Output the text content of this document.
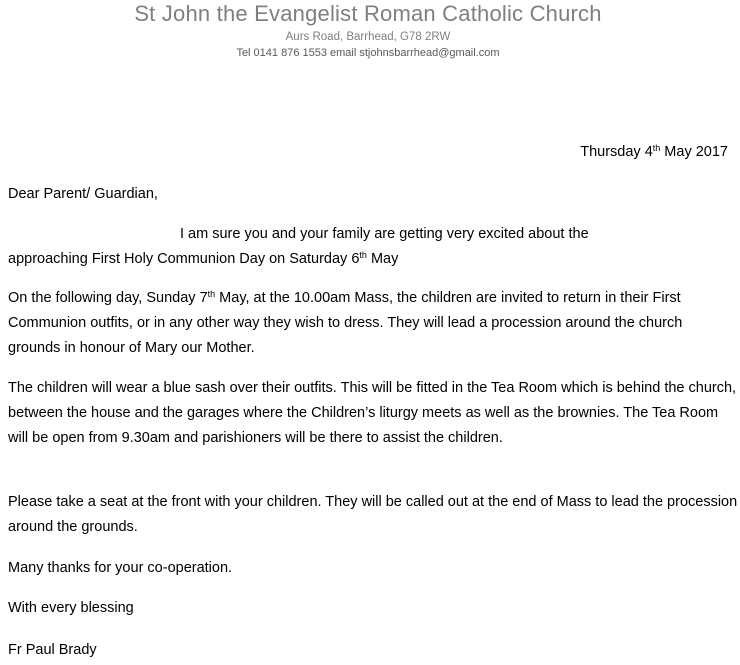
St John the Evangelist Roman Catholic Church
Aurs Road, Barrhead, G78 2RW
Tel 0141 876 1553 email stjohnsbarrhead@gmail.com
Thursday 4th May 2017
Dear Parent/ Guardian,
I am sure you and your family are getting very excited about the
approaching First Holy Communion Day on Saturday 6th May
On the following day, Sunday 7th May, at the 10.00am Mass, the children are invited to return in their First Communion outfits, or in any other way they wish to dress. They will lead a procession around the church grounds in honour of Mary our Mother.
The children will wear a blue sash over their outfits. This will be fitted in the Tea Room which is behind the church, between the house and the garages where the Children’s liturgy meets as well as the brownies. The Tea Room will be open from 9.30am and parishioners will be there to assist the children.
Please take a seat at the front with your children. They will be called out at the end of Mass to lead the procession around the grounds.
Many thanks for your co-operation.
With every blessing
Fr Paul Brady
